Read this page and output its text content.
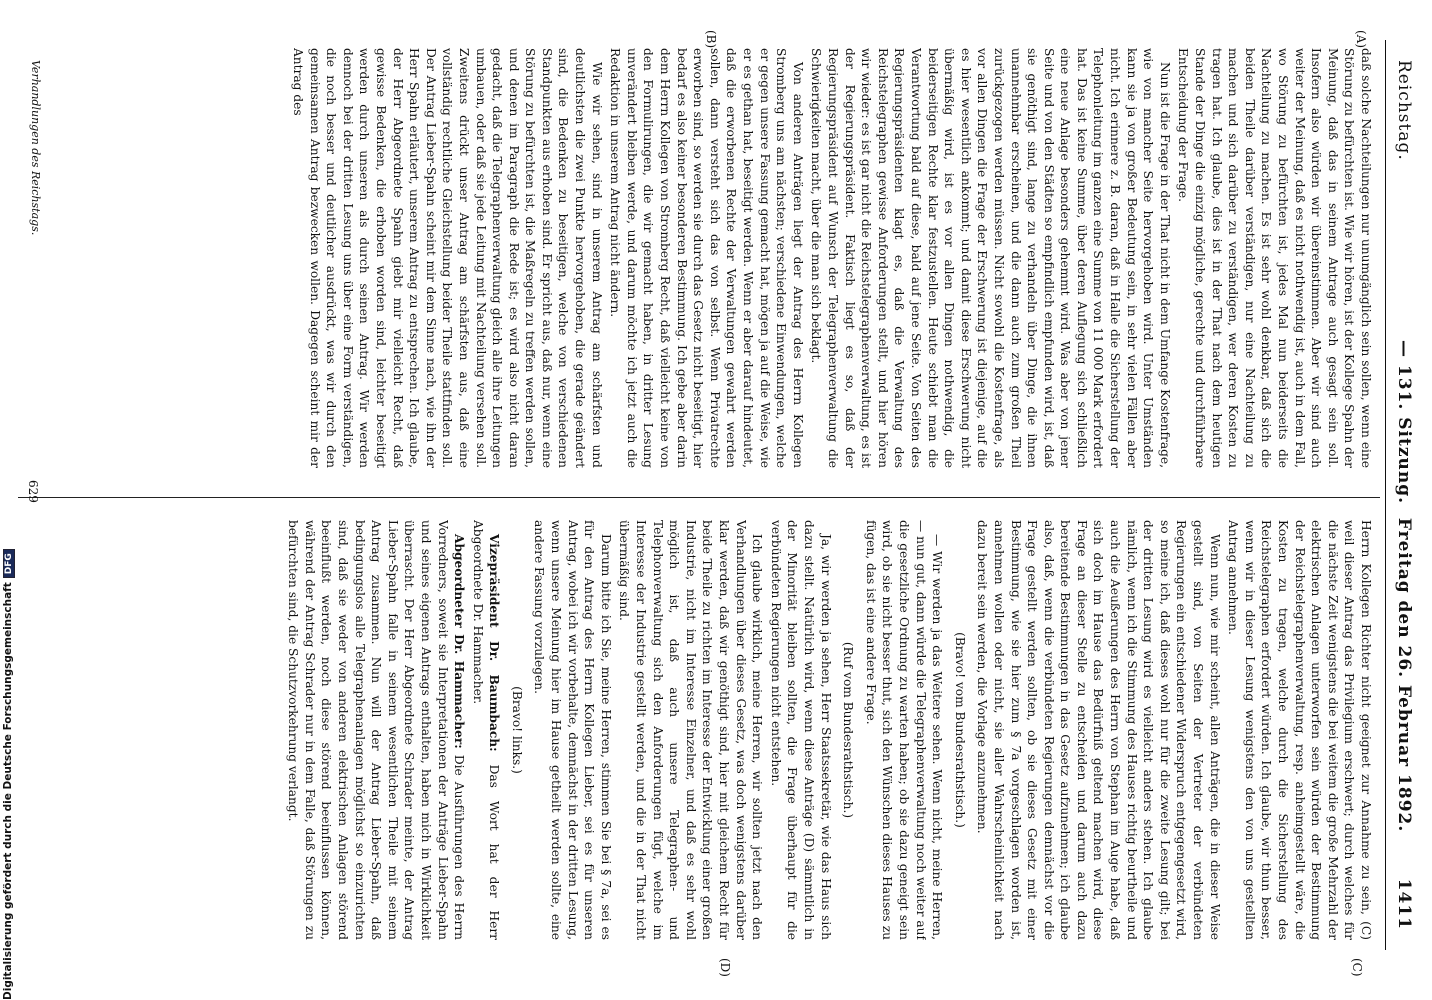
Reichstag.
— 131. Sitzung.  Freitag den 26. Februar 1892.
1411
(A)
(B)
(C)
(D)

daß solche Nachteilungen nur unumgänglich sein sollen, wenn eine Störung zu befürchten ist. Wie wir hören, ist der Kollege Spahn der Meinung, daß das in seinem Antrage auch gesagt sein soll. Insofern also würden wir übereinstimmen. Aber wir sind auch weiter der Meinung, daß es nicht nothwendig ist, auch in dem Fall, wo Störung zu befürchten ist, jedes Mal nun beiderseits die Nachteilung zu machen. Es ist sehr wohl denkbar, daß sich die beiden Theile darüber verständigen, nur eine Nachteilung zu machen und sich darüber zu verständigen, wer deren Kosten zu tragen hat. Ich glaube, dies ist in der That nach dem heutigen Stande der Dinge die einzig mögliche, gerechte und durchführbare Entscheidung der Frage.

Nun ist die Frage in der That nicht in dem Umfange Kostenfrage, wie von mancher Seite hervorgehoben wird. Unter Umständen kann sie ja von großer Bedeutung sein, in sehr vielen Fällen aber nicht. Ich erinnere z. B. daran, daß in Halle die Sicherstellung der Telephonleitung im ganzen eine Summe von 11 000 Mark erfordert hat. Das ist keine Summe, über deren Auflegung sich schließlich eine neue Anlage besonders gehemmt wird. Was aber von jener Seite und von den Städten so empfindlich empfunden wird, ist, daß sie genöthigt sind, lange zu verhandeln über Dinge, die ihnen unannehmbar erscheinen, und die dann auch zum großen Theil zurückgezogen werden müssen. Nicht sowohl die Kostenfrage, als vor allen Dingen die Frage der Erschwerung ist diejenige, auf die es hier wesentlich ankommt; und damit diese Erschwerung nicht übermäßig wird, ist es vor allen Dingen nothwendig, die beiderseitigen Rechte klar festzustellen. Heute schiebt man die Verantwortung bald auf diese, bald auf jene Seite. Von Seiten des Regierungspräsidenten klagt es, daß die Verwaltung des Reichstelegraphen gewisse Anforderungen stellt, und hier hören wir wieder: es ist gar nicht die Reichstelegraphenverwaltung, es ist der Regierungspräsident. Faktisch liegt es so, daß der Regierungspräsident auf Wunsch der Telegraphenverwaltung die Schwierigkeiten macht, über die man sich beklagt.

Von anderen Anträgen liegt der Antrag des Herrn Kollegen Stromberg uns am nächsten; verschiedene Einwendungen, welche er gegen unsere Fassung gemacht hat, mögen ja auf die Weise, wie er es gethan hat, beseitigt werden. Wenn er aber darauf hindeutet, daß die erworbenen Rechte der Verwaltungen gewahrt werden sollen, dann versteht sich das von selbst. Wenn Privatrechte erworben sind, so werden sie durch das Gesetz nicht beseitigt, hier bedarf es also keiner besonderen Bestimmung. Ich gebe aber darin dem Herrn Kollegen von Stromberg Recht, daß vielleicht keine von den Formulirungen, die wir gemacht haben, in dritter Lesung unverändert bleiben werde, und darum möchte ich jetzt auch die Redaktion in unserem Antrag nicht ändern.

Wie wir sehen, sind in unserem Antrag am schärfsten und deutlichsten die zwei Punkte hervorgehoben, die gerade geändert sind, die Bedenken zu beseitigen, welche von verschiedenen Standpunkten aus erhoben sind. Er spricht aus, daß nur, wenn eine Störung zu befürchten ist, die Maßregeln zu treffen werden sollen, und denen im Paragraph die Rede ist; es wird also nicht daran gedacht, daß die Telegraphenverwaltung gleich alle ihre Leitungen umbauen, oder daß sie jede Leitung mit Nachteilung versehen soll. Zweitens drückt unser Antrag am schärfsten aus, daß eine vollständig rechtliche Gleichstellung beider Theile stattfinden soll. Der Antrag Lieber-Spahn scheint mir dem Sinne nach, wie ihn der Herr Spahn erläutert, unserem Antrag zu entsprechen. Ich glaube, der Herr Abgeordnete Spahn giebt mir vielleicht Recht, daß gewisse Bedenken, die erhoben worden sind, leichter beseitigt werden durch unseren als durch seinen Antrag. Wir werden dennoch bei der dritten Lesung uns über eine Form verständigen, die noch besser und deutlicher ausdrückt, was wir durch den gemeinsamen Antrag bezwecken wollen. Dagegen scheint mir der Antrag des

Verhandlungen des Reichstags.

Herrn Kollegen Richter nicht geeignet zur Annahme zu sein, (C) weil dieser Antrag das Privilegium erschwert; durch welches für die nächste Zeit wenigstens die bei weitem die große Mehrzahl der elektrischen Anlagen unterworfen sein würden der Bestimmung der Reichstelegraphenverwaltung, resp. anheimgestellt wäre, die Kosten zu tragen, welche durch die Sicherstellung des Reichstelegraphen erfordert würden. Ich glaube, wir thun besser, wenn wir in dieser Lesung wenigstens den von uns gestellten Antrag annehmen.

Wenn nun, wie mir scheint, allen Anträgen, die in dieser Weise gestellt sind, von Seiten der Vertreter der verbündeten Regierungen ein entschiedener Widerspruch entgegengesetzt wird, so meine ich, daß dieses wohl nur für die zweite Lesung gilt; bei der dritten Lesung wird es vielleicht anders stehen. Ich glaube nämlich, wenn ich die Stimmung des Hauses richtig beurtheile und auch die Aeußerungen des Herrn von Stephan im Auge habe, daß sich doch im Hause das Bedürfniß geltend machen wird, diese Frage an dieser Stelle zu entscheiden und darum auch dazu bereitende Bestimmungen in das Gesetz aufzunehmen; ich glaube also, daß, wenn die verbündeten Regierungen demnächst vor die Frage gestellt werden sollten, ob sie dieses Gesetz mit einer Bestimmung, wie sie hier zum § 7a vorgeschlagen worden ist, annehmen wollen oder nicht, sie aller Wahrscheinlichkeit nach dazu bereit sein werden, die Vorlage anzunehmen.

(Bravo! vom Bundesrathstisch.)

— Wir werden ja das Weitere sehen. Wenn nicht, meine Herren, — nun gut, dann würde die Telegraphenverwaltung noch weiter auf die gesetzliche Ordnung zu warten haben; ob sie dazu geneigt sein wird, ob sie nicht besser thut, sich den Wünschen dieses Hauses zu fügen, das ist eine andere Frage.

(Ruf vom Bundesrathstisch.)

Ja, wir werden ja sehen, Herr Staatssekretär, wie das Haus sich dazu stellt. Natürlich wird, wenn diese Anträge (D) sämmtlich in der Minorität bleiben sollten, die Frage überhaupt für die verbündeten Regierungen nicht entstehen.

Ich glaube wirklich, meine Herren, wir sollten jetzt nach den Verhandlungen über dieses Gesetz, was doch wenigstens darüber klar werden, daß wir genöthigt sind, hier mit gleichem Recht für beide Theile zu richten im Interesse der Entwicklung einer großen Industrie, nicht im Interesse Einzelner, und daß es sehr wohl möglich ist, daß auch unsere Telegraphen- und Telephonverwaltung sich den Anforderungen fügt, welche im Interesse der Industrie gestellt werden, und die in der That nicht übermäßig sind.

Darum bitte ich Sie, meine Herren, stimmen Sie bei § 7a, sei es für den Antrag des Herrn Kollegen Lieber, sei es für unseren Antrag, wobei ich wir vorbehalte, demnächst in der dritten Lesung, wenn unsere Meinung hier im Hause getheilt werden sollte, eine andere Fassung vorzulegen.

(Bravo! links.)

Vizepräsident Dr. Baumbach: Das Wort hat der Herr Abgeordnete Dr. Hammacher.

Abgeordneter Dr. Hammacher: Die Ausführungen des Herrn Vorredners, soweit sie Interpretationen der Anträge Lieber-Spahn und seines eigenen Antrags enthalten, haben mich in Wirklichkeit überrascht. Der Herr Abgeordnete Schrader meinte, der Antrag Lieber-Spahn falle in seinem wesentlichen Theile mit seinem Antrag zusammen. Nun will der Antrag Lieber-Spahn, daß bedingungslos alle Telegraphenanlagen möglichst so einzurichten sind, daß sie weder von anderen elektrischen Anlagen störend beeinflußt werden, noch diese störend beeinflussen können, während der Antrag Schrader nur in dem Falle, daß Störungen zu befürchten sind, die Schutzvorkehrung verlangt.

629
Digitalisierung gefördert durch die Deutsche ForschungsgemeinschaftDFG
